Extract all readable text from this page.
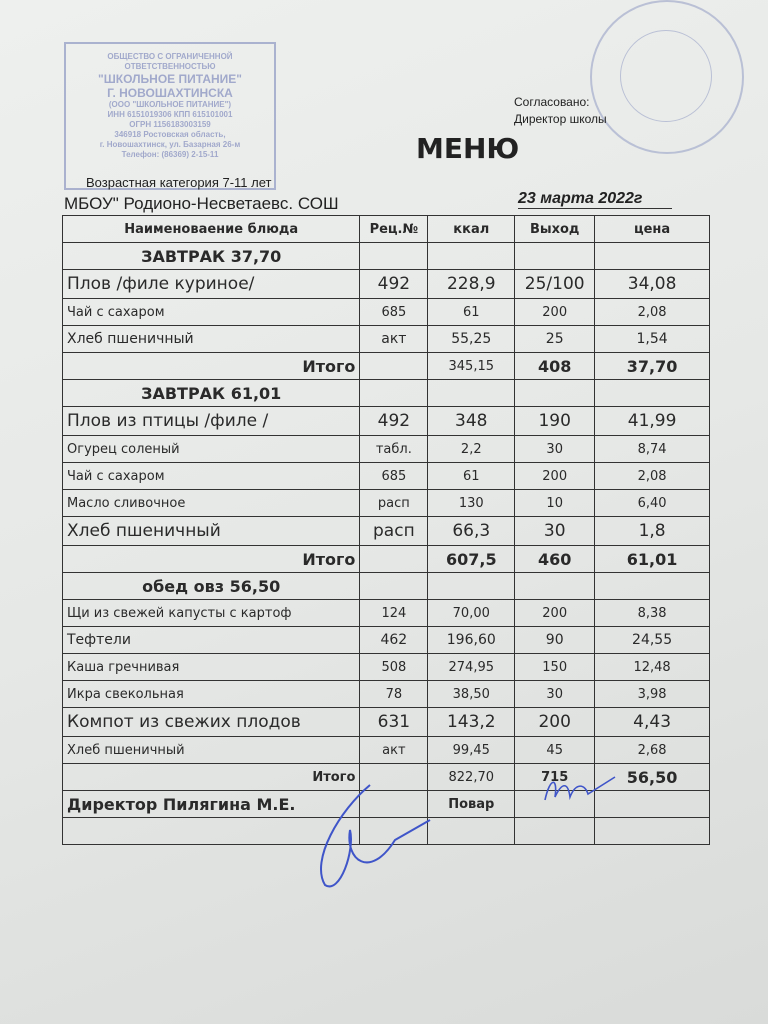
ОБЩЕСТВО С ОГРАНИЧЕННОЙ
ОТВЕТСТВЕННОСТЬЮ
"ШКОЛЬНОЕ ПИТАНИЕ"
Г. НОВОШАХТИНСКА
(ООО "ШКОЛЬНОЕ ПИТАНИЕ")
ИНН 6151019306 КПП 615101001
ОГРН 1156183003159
346918 Ростовская область,
г. Новошахтинск, ул. Базарная 26-м
Телефон: (86369) 2-15-11
Согласовано:
Директор школы
МЕНЮ
Возрастная категория 7-11 лет
МБОУ" Родионо-Несветаевс. СОШ	23 марта 2022г
Наименоваение блюда	Рец.№	ккал	Выход	цена
ЗАВТРАК 37,70				
Плов /филе куриное/	492	228,9	25/100	34,08
Чай с сахаром	685	61	200	2,08
Хлеб пшеничный	акт	55,25	25	1,54
Итого		345,15	408	37,70
ЗАВТРАК 61,01				
Плов из птицы /филе /	492	348	190	41,99
Огурец соленый	табл.	2,2	30	8,74
Чай с сахаром	685	61	200	2,08
Масло сливочное	расп	130	10	6,40
Хлеб пшеничный	расп	66,3	30	1,8
Итого		607,5	460	61,01
обед овз 56,50				
Щи из свежей капусты с картоф	124	70,00	200	8,38
Тефтели	462	196,60	90	24,55
Каша гречнивая	508	274,95	150	12,48
Икра свекольная	78	38,50	30	3,98
Компот из свежих плодов	631	143,2	200	4,43
Хлеб пшеничный	акт	99,45	45	2,68
Итого		822,70	715	56,50
Директор Пилягина М.Е.		Повар		
